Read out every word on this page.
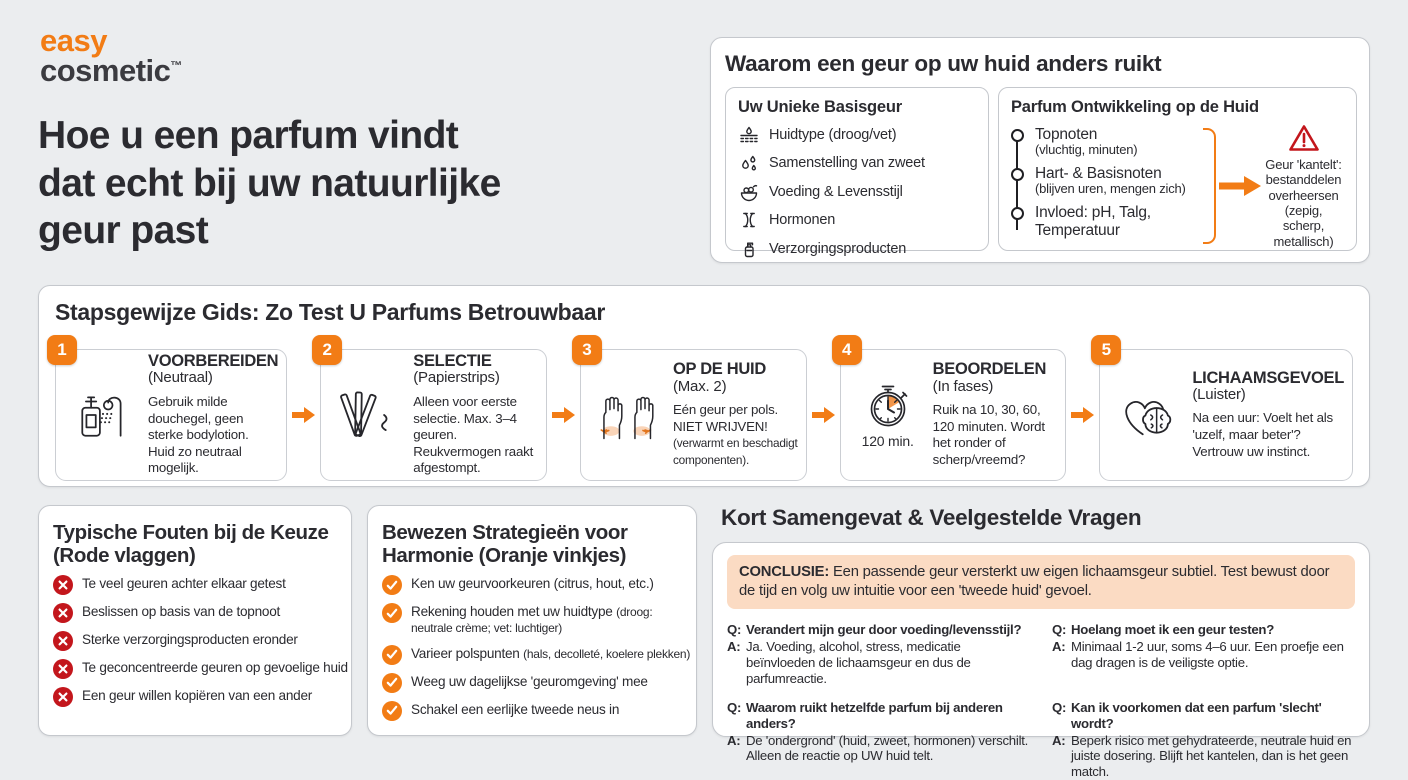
easy
cosmetic™
Hoe u een parfum vindt
dat echt bij uw natuurlijke
geur past
Waarom een geur op uw huid anders ruikt
Uw Unieke Basisgeur
Huidtype (droog/vet)
Samenstelling van zweet
Voeding & Levensstijl
Hormonen
Verzorgingsproducten
Parfum Ontwikkeling op de Huid
Topnoten
(vluchtig, minuten)
Hart- & Basisnoten
(blijven uren, mengen zich)
Invloed: pH, Talg,
Temperatuur
Geur 'kantelt': bestanddelen overheersen (zepig, scherp, metallisch)
Stapsgewijze Gids: Zo Test U Parfums Betrouwbaar
1
VOORBEREIDEN
(Neutraal)
Gebruik milde douchegel, geen sterke bodylotion. Huid zo neutraal mogelijk.
2
SELECTIE
(Papierstrips)
Alleen voor eerste selectie. Max. 3–4 geuren. Reukvermogen raakt afgestompt.
3
OP DE HUID
(Max. 2)
Eén geur per pols.
NIET WRIJVEN! (verwarmt en beschadigt componenten).
4
120 min.
BEOORDELEN
(In fases)
Ruik na 10, 30, 60, 120 minuten. Wordt het ronder of scherp/vreemd?
5
LICHAAMSGEVOEL
(Luister)
Na een uur: Voelt het als 'uzelf, maar beter'? Vertrouw uw instinct.
Typische Fouten bij de Keuze
(Rode vlaggen)
Te veel geuren achter elkaar getest
Beslissen op basis van de topnoot
Sterke verzorgingsproducten eronder
Te geconcentreerde geuren op gevoelige huid
Een geur willen kopiëren van een ander
Bewezen Strategieën voor
Harmonie (Oranje vinkjes)
Ken uw geurvoorkeuren (citrus, hout, etc.)
Rekening houden met uw huidtype (droog: neutrale crème; vet: luchtiger)
Varieer polspunten (hals, decolleté, koelere plekken)
Weeg uw dagelijkse 'geuromgeving' mee
Schakel een eerlijke tweede neus in
Kort Samengevat & Veelgestelde Vragen
CONCLUSIE: Een passende geur versterkt uw eigen lichaamsgeur subtiel. Test bewust door de tijd en volg uw intuitie voor een 'tweede huid' gevoel.
Q: Verandert mijn geur door voeding/levensstijl?
A: Ja. Voeding, alcohol, stress, medicatie beïnvloeden de lichaamsgeur en dus de parfumreactie.
Q: Hoelang moet ik een geur testen?
A: Minimaal 1-2 uur, soms 4–6 uur. Een proefje een dag dragen is de veiligste optie.
Q: Waarom ruikt hetzelfde parfum bij anderen anders?
A: De 'ondergrond' (huid, zweet, hormonen) verschilt. Alleen de reactie op UW huid telt.
Q: Kan ik voorkomen dat een parfum 'slecht' wordt?
A: Beperk risico met gehydrateerde, neutrale huid en juiste dosering. Blijft het kantelen, dan is het geen match.
